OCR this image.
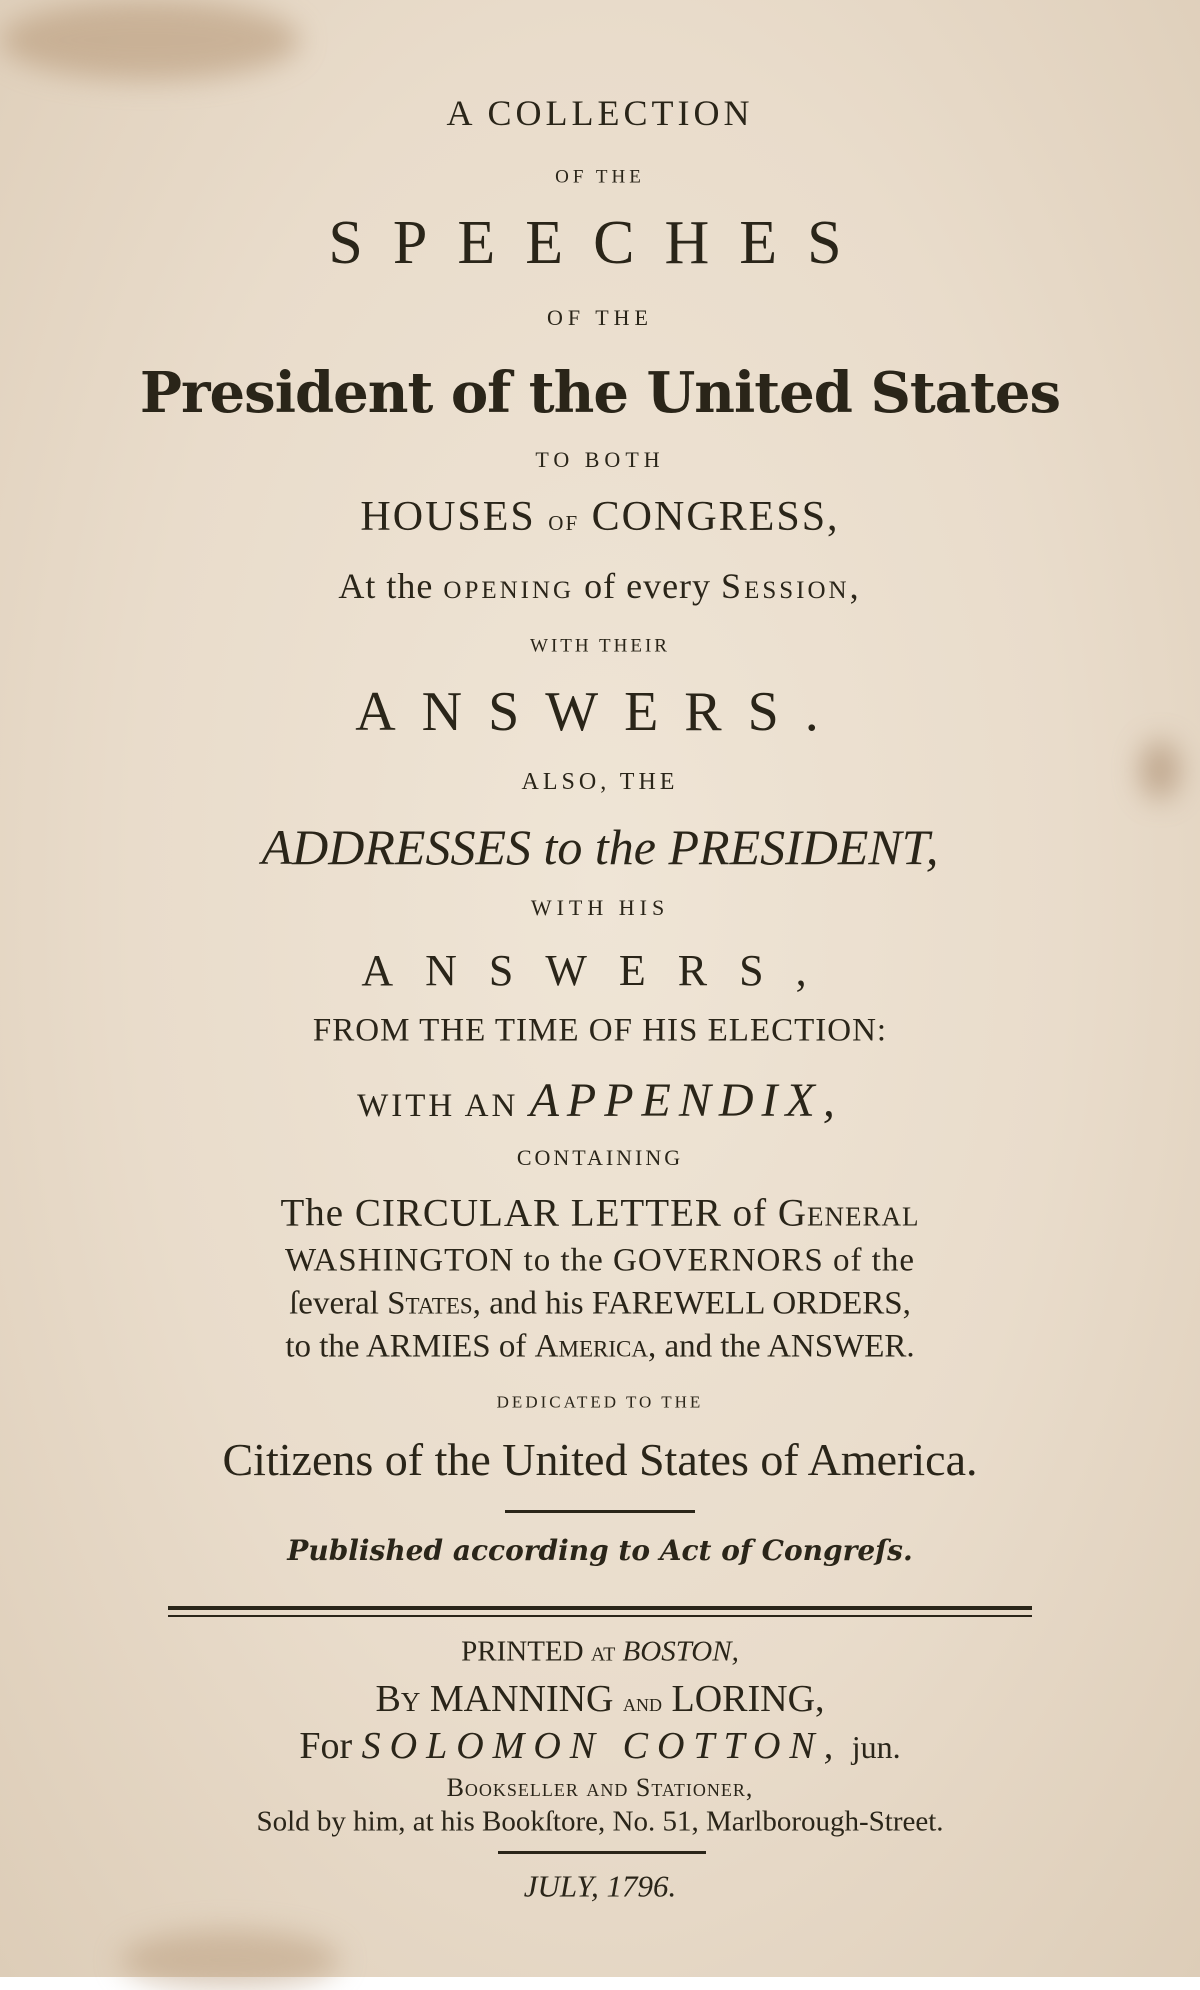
A COLLECTION
OF THE
SPEECHES
OF THE
President of the United States
TO BOTH
HOUSES of CONGRESS,
At the opening of every Session,
WITH THEIR
ANSWERS.
ALSO, THE
ADDRESSES to the PRESIDENT,
WITH HIS
ANSWERS,
FROM THE TIME OF HIS ELECTION:
WITH AN APPENDIX,
CONTAINING
The CIRCULAR LETTER of General
WASHINGTON to the GOVERNORS of the
ſeveral States, and his FAREWELL ORDERS,
to the ARMIES of America, and the ANSWER.
DEDICATED TO THE
Citizens of the United States of America.
Published according to Act of Congreſs.
PRINTED at BOSTON,
By MANNING and LORING,
For SOLOMON COTTON, jun.
Bookseller and Stationer,
Sold by him, at his Bookſtore, No. 51, Marlborough-Street.
JULY, 1796.
